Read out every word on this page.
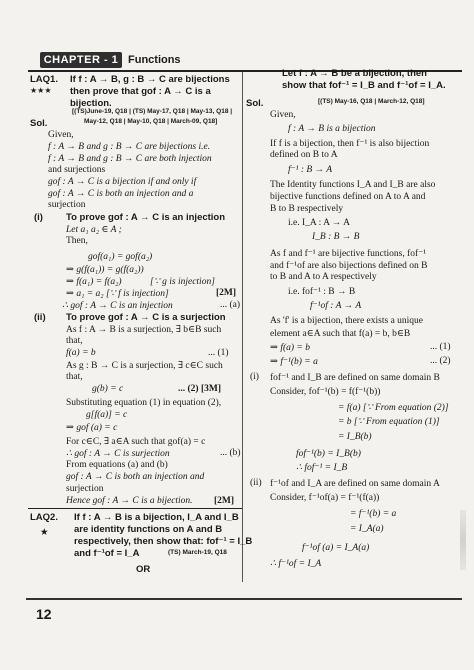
CHAPTER - 1 Functions
LAQ1.
★★★
If f : A → B, g : B → C are bijections
then prove that gof : A → C is a
bijection.
[(TS)June-19, Q18 | (TS) May-17, Q18 | May-13, Q18 |
Sol.	May-12, Q18 | May-10, Q18 | March-09, Q18]
Given,
f : A → B and g : B → C are bijections i.e.
f : A → B and g : B → C are both injection
and surjections
gof : A → C is a bijection if and only if
gof : A → C is both an injection and a
surjection
(i) To prove gof : A → C is an injection
Let a₁ a₂ ∈ A ;
Then,
gof(a₁) = gof(a₂)
⇒ g(f(a₁)) = g(f(a₂))
⇒ f(a₁) = f(a₂)	[∵ g is injection]
⇒ a₁ = a₂ [∵ f is injection]	[2M]
∴ gof : A → C is an injection	... (a)
(ii) To prove gof : A → C is a surjection
As f : A → B is a surjection, ∃ b∈B such
that,
f(a) = b	... (1)
As g : B → C is a surjection, ∃ c∈C such
that,
g(b) = c	... (2) [3M]
Substituting equation (1) in equation (2),
g[f(a)] = c
⇒ gof (a) = c
For c∈C, ∃ a∈A such that gof(a) = c
∴ gof : A → C is surjection	... (b)
From equations (a) and (b)
gof : A → C is both an injection and
surjection
Hence gof : A → C is a bijection. [2M]
LAQ2.
★
If f : A → B is a bijection, I_A and I_B
are identity functions on A and B
respectively, then show that: fof⁻¹ = I_B
and f⁻¹of = I_A	(TS) March-19, Q18
OR
Let f : A → B be a bijection, then
show that fof⁻¹ = I_B and f⁻¹of = I_A.
Sol.	[(TS) May-16, Q18 | March-12, Q18]
Given,
f : A → B is a bijection
If f is a bijection, then f⁻¹ is also bijection
defined on B to A
f⁻¹ : B → A
The Identity functions I_A and I_B are also
bijective functions defined on A to A and
B to B respectively
i.e. I_A : A → A
I_B : B → B
As f and f⁻¹ are bijective functions, fof⁻¹
and f⁻¹of are also bijections defined on B
to B and A to A respectively
i.e. fof⁻¹ : B → B
f⁻¹of : A → A
As 'f' is a bijection, there exists a unique
element a∈A such that f(a) = b, b∈B
⇒ f(a) = b	... (1)
⇒ f⁻¹(b) = a	... (2)
(i) fof⁻¹ and I_B are defined on same domain B
Consider, fof⁻¹(b) = f(f⁻¹(b))
= f(a) [∵ From equation (2)]
= b [∵ From equation (1)]
= I_B(b)
fof⁻¹(b) = I_B(b)
∴ fof⁻¹ = I_B
(ii) f⁻¹of and I_A are defined on same domain A
Consider, f⁻¹of(a) = f⁻¹(f(a))
= f⁻¹(b) = a
= I_A(a)
f⁻¹of (a) = I_A(a)
∴ f⁻¹of = I_A
12
